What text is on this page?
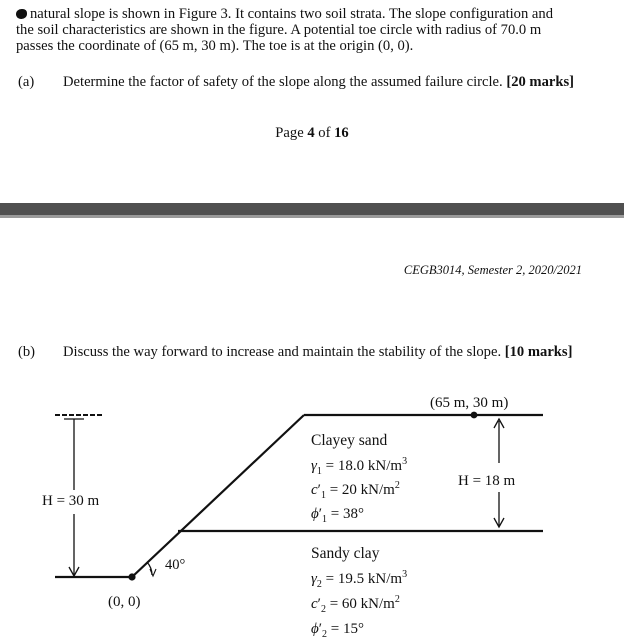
natural slope is shown in Figure 3. It contains two soil strata. The slope configuration and
the soil characteristics are shown in the figure. A potential toe circle with radius of 70.0 m
passes the coordinate of (65 m, 30 m). The toe is at the origin (0, 0).
(a) Determine the factor of safety of the slope along the assumed failure circle. [20 marks]
Page 4 of 16
CEGB3014, Semester 2, 2020/2021
(b) Discuss the way forward to increase and maintain the stability of the slope. [10 marks]
H = 30 m
H = 18 m
40°
(65 m, 30 m)
(0, 0)
Clayey sand
$\gamma_1 = 18.0$ $kN/m^3$
$c'_1 = 20$ $kN/m^2$
$\phi'_1 = 38^\circ$
Sandy clay
$\gamma_2 = 19.5$ $kN/m^3$
$c'_2 = 60$ $kN/m^2$
$\phi'_2 = 15^\circ$
